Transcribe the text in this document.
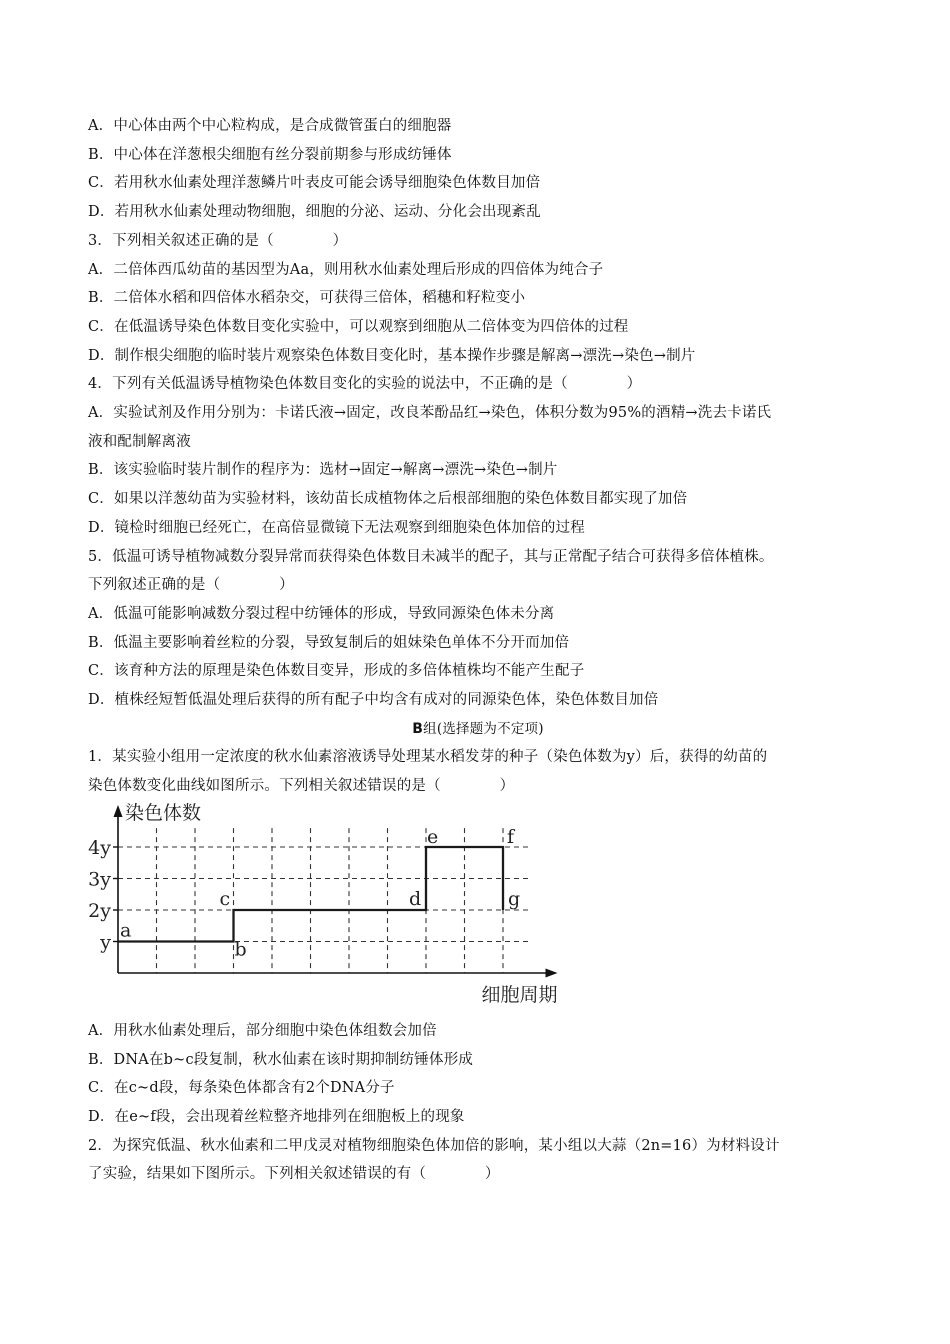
A．中心体由两个中心粒构成，是合成微管蛋白的细胞器
B．中心体在洋葱根尖细胞有丝分裂前期参与形成纺锤体
C．若用秋水仙素处理洋葱鳞片叶表皮可能会诱导细胞染色体数目加倍
D．若用秋水仙素处理动物细胞，细胞的分泌、运动、分化会出现紊乱
3．下列相关叙述正确的是（　　　　）
A．二倍体西瓜幼苗的基因型为Aa，则用秋水仙素处理后形成的四倍体为纯合子
B．二倍体水稻和四倍体水稻杂交，可获得三倍体，稻穗和籽粒变小
C．在低温诱导染色体数目变化实验中，可以观察到细胞从二倍体变为四倍体的过程
D．制作根尖细胞的临时装片观察染色体数目变化时，基本操作步骤是解离→漂洗→染色→制片
4．下列有关低温诱导植物染色体数目变化的实验的说法中，不正确的是（　　　　）
A．实验试剂及作用分别为：卡诺氏液→固定，改良苯酚品红→染色，体积分数为95%的酒精→洗去卡诺氏
液和配制解离液
B．该实验临时装片制作的程序为：选材→固定→解离→漂洗→染色→制片
C．如果以洋葱幼苗为实验材料，该幼苗长成植物体之后根部细胞的染色体数目都实现了加倍
D．镜检时细胞已经死亡，在高倍显微镜下无法观察到细胞染色体加倍的过程
5．低温可诱导植物减数分裂异常而获得染色体数目未减半的配子，其与正常配子结合可获得多倍体植株。
下列叙述正确的是（　　　　）
A．低温可能影响减数分裂过程中纺锤体的形成，导致同源染色体未分离
B．低温主要影响着丝粒的分裂，导致复制后的姐妹染色单体不分开而加倍
C．该育种方法的原理是染色体数目变异，形成的多倍体植株均不能产生配子
D．植株经短暂低温处理后获得的所有配子中均含有成对的同源染色体，染色体数目加倍
B组(选择题为不定项)
1．某实验小组用一定浓度的秋水仙素溶液诱导处理某水稻发芽的种子（染色体数为y）后，获得的幼苗的
染色体数变化曲线如图所示。下列相关叙述错误的是（　　　　）
染色体数
细胞周期
y
2y
3y
4y
a
b
c	d
e	f
g
A．用秋水仙素处理后，部分细胞中染色体组数会加倍
B．DNA在b~c段复制，秋水仙素在该时期抑制纺锤体形成
C．在c~d段，每条染色体都含有2个DNA分子
D．在e~f段，会出现着丝粒整齐地排列在细胞板上的现象
2．为探究低温、秋水仙素和二甲戊灵对植物细胞染色体加倍的影响，某小组以大蒜（2n=16）为材料设计
了实验，结果如下图所示。下列相关叙述错误的有（　　　　）
